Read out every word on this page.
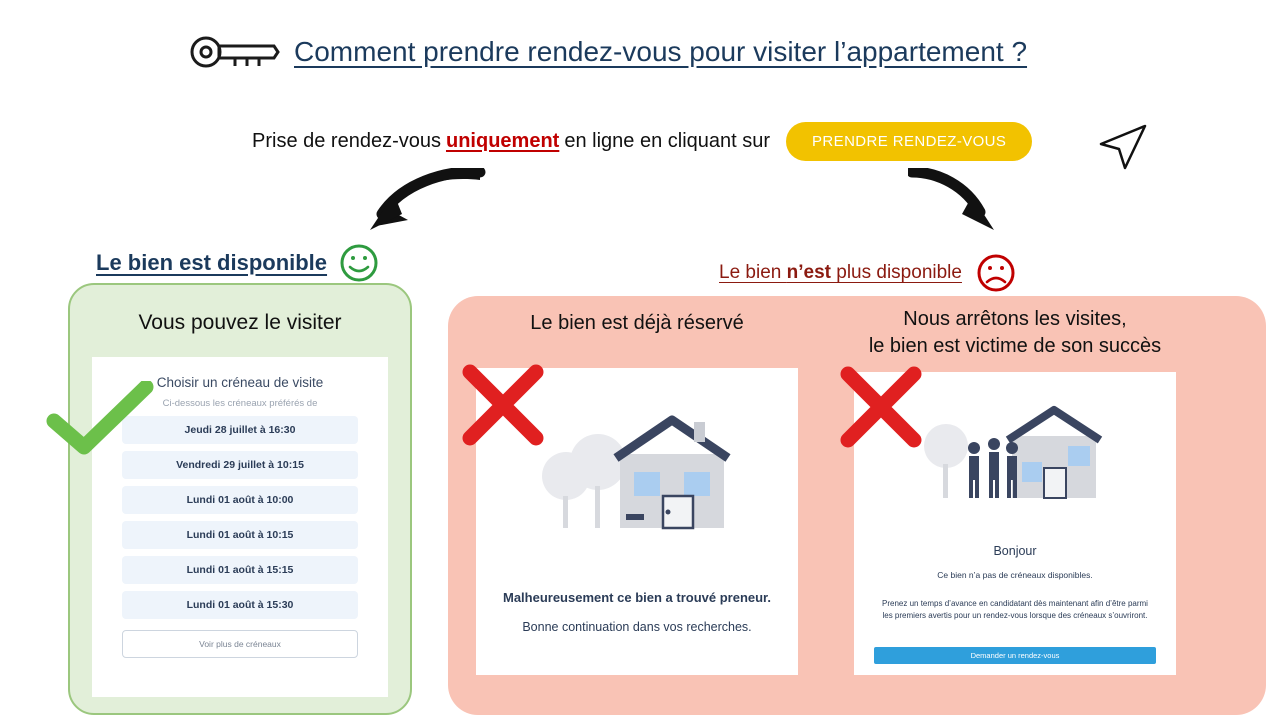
Comment prendre rendez-vous pour visiter l’appartement ?
Prise de rendez-vous uniquement en ligne en cliquant sur	PRENDRE RENDEZ-VOUS
Le bien est disponible	Le bien n’est plus disponible
Vous pouvez le visiter
Choisir un créneau de visite
Ci-dessous les créneaux préférés de
Jeudi 28 juillet à 16:30
Vendredi 29 juillet à 10:15
Lundi 01 août à 10:00
Lundi 01 août à 10:15
Lundi 01 août à 15:15
Lundi 01 août à 15:30
Voir plus de créneaux
Le bien est déjà réservé
Malheureusement ce bien a trouvé preneur.
Bonne continuation dans vos recherches.
Nous arrêtons les visites,
le bien est victime de son succès
Bonjour
Ce bien n’a pas de créneaux disponibles.
Prenez un temps d’avance en candidatant dès maintenant afin d’être parmi les premiers avertis pour un rendez-vous lorsque des créneaux s’ouvriront.
Demander un rendez-vous
